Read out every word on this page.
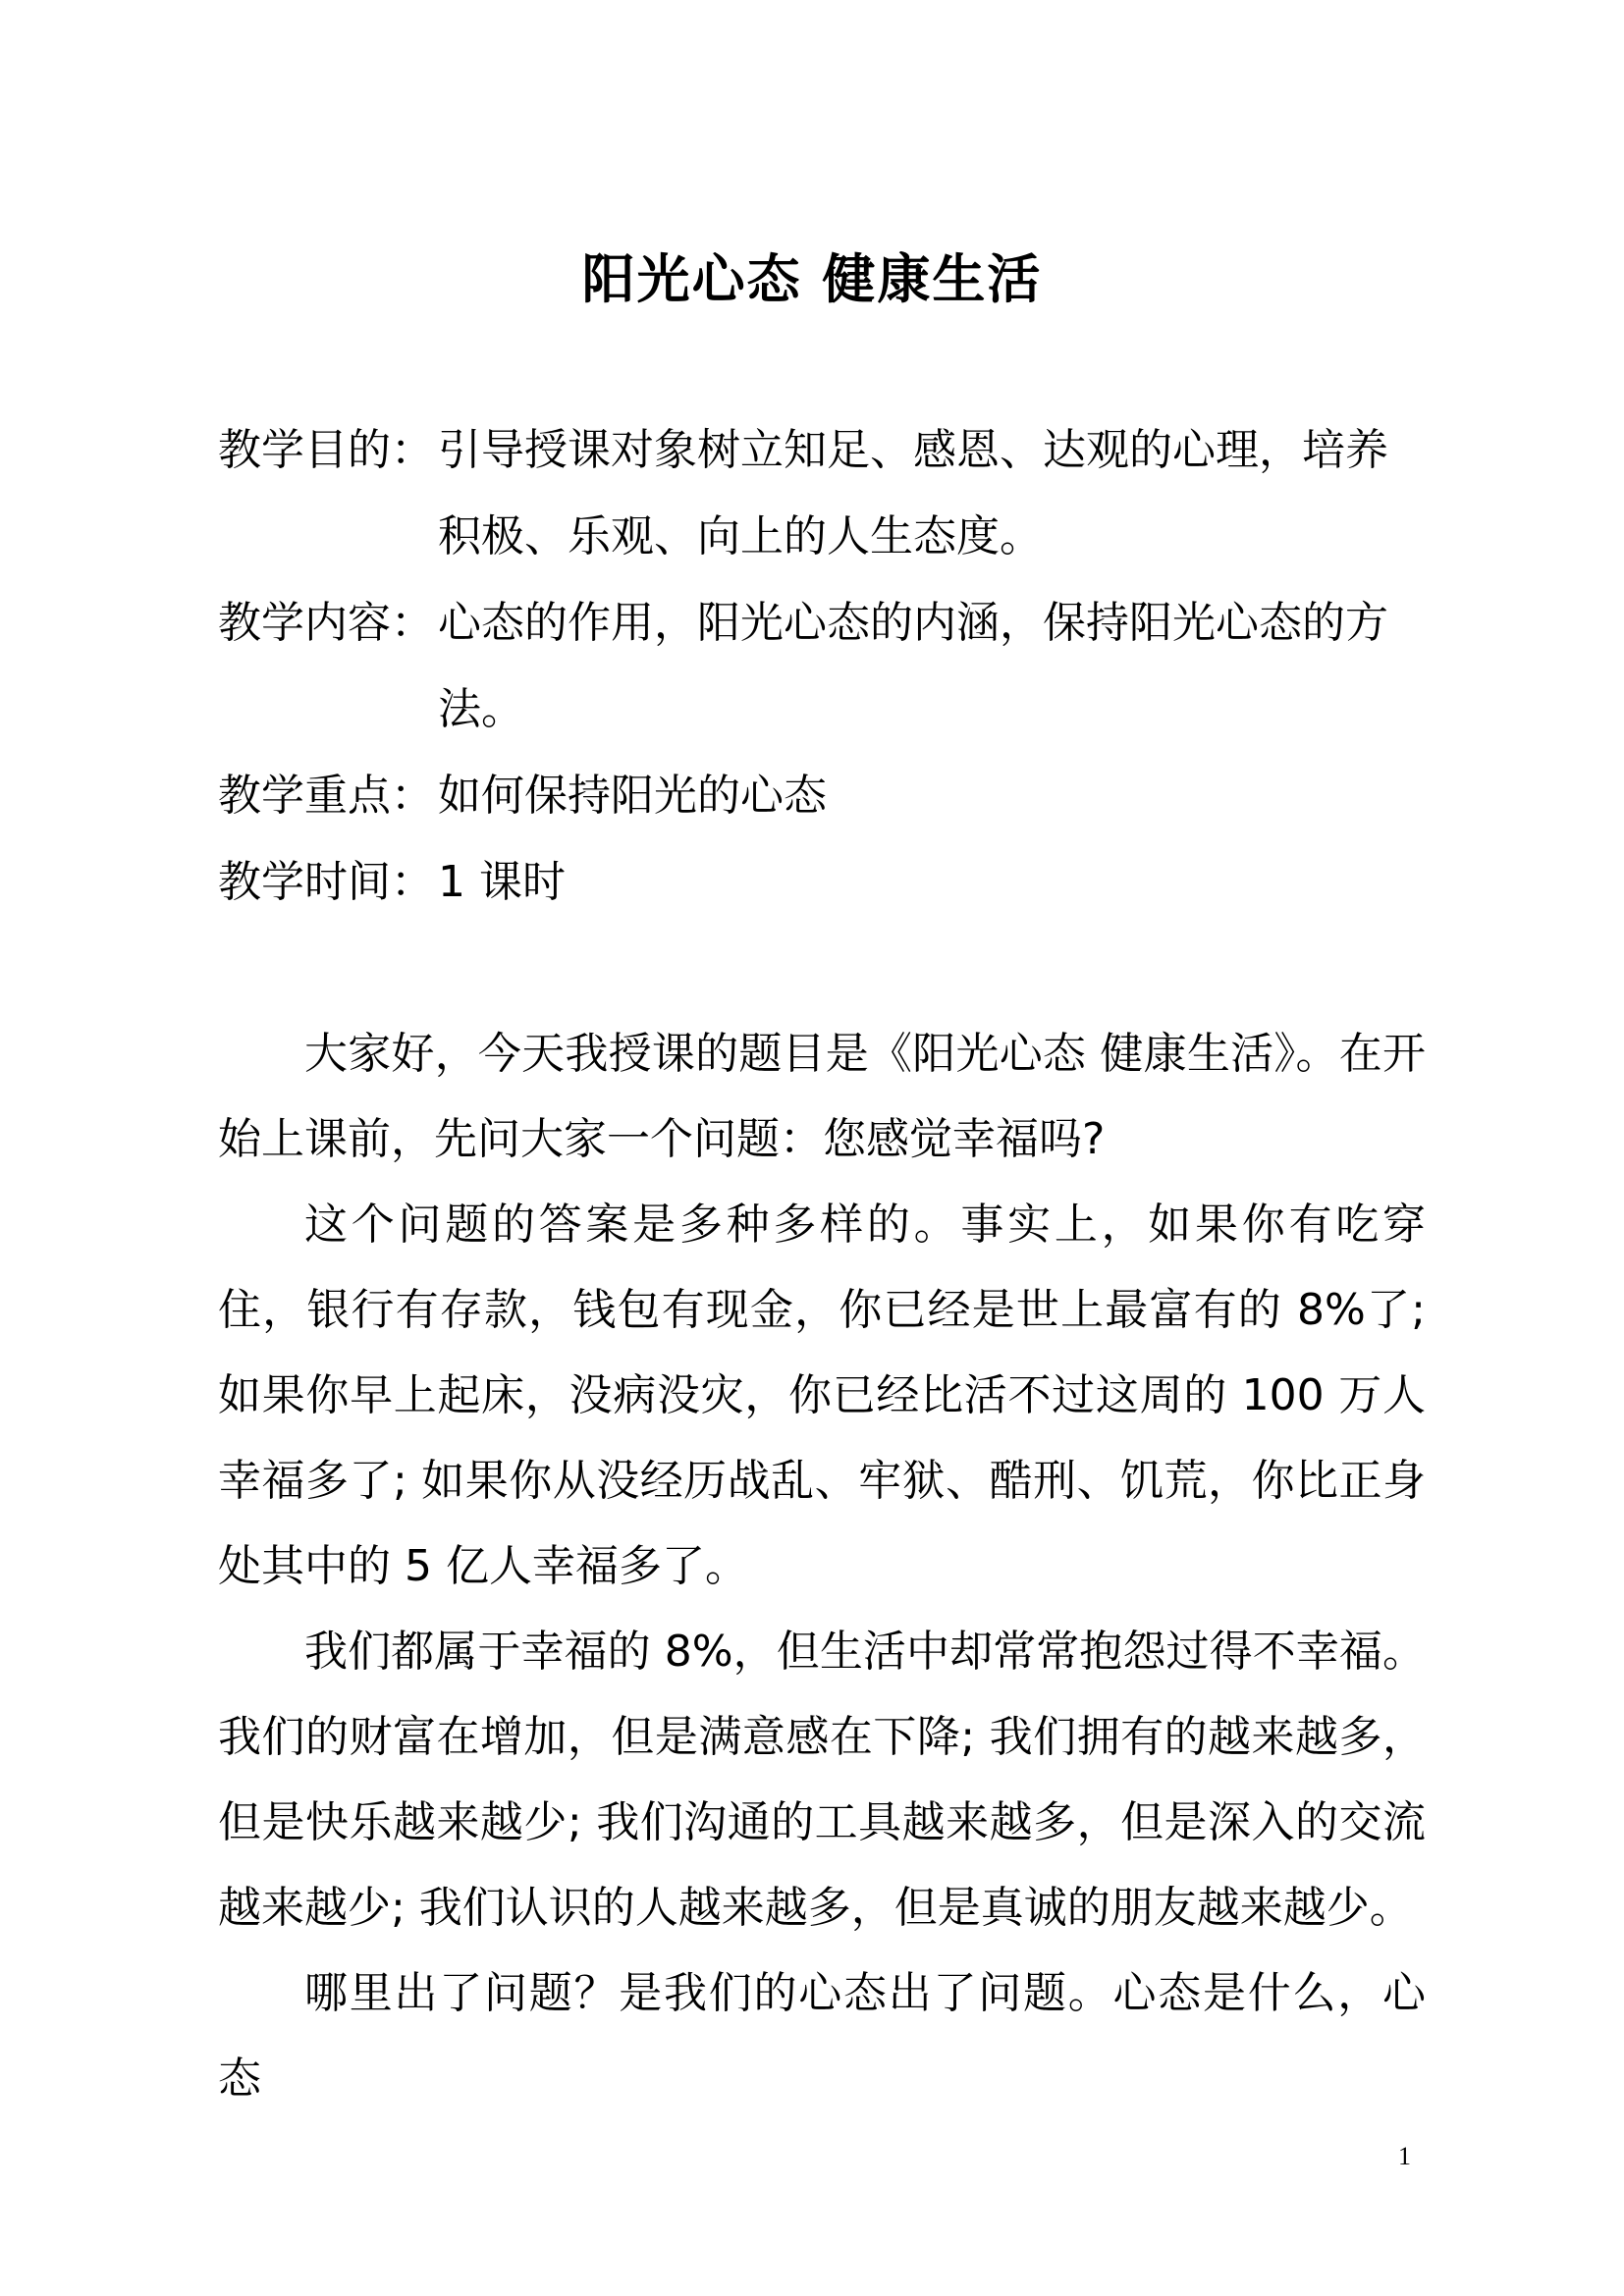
阳光心态 健康生活
教学目的： 引导授课对象树立知足、感恩、达观的心理，培养积极、乐观、向上的人生态度。
教学内容： 心态的作用，阳光心态的内涵，保持阳光心态的方法。
教学重点： 如何保持阳光的心态
教学时间： 1 课时

大家好，今天我授课的题目是《阳光心态 健康生活》。在开始上课前，先问大家一个问题：您感觉幸福吗?

这个问题的答案是多种多样的。事实上，如果你有吃穿住，银行有存款，钱包有现金，你已经是世上最富有的 8%了;如果你早上起床，没病没灾，你已经比活不过这周的 100 万人幸福多了; 如果你从没经历战乱、牢狱、酷刑、饥荒，你比正身处其中的 5 亿人幸福多了。

我们都属于幸福的 8%，但生活中却常常抱怨过得不幸福。我们的财富在增加，但是满意感在下降; 我们拥有的越来越多，但是快乐越来越少; 我们沟通的工具越来越多，但是深入的交流越来越少; 我们认识的人越来越多，但是真诚的朋友越来越少。

哪里出了问题？是我们的心态出了问题。心态是什么，心态

1
